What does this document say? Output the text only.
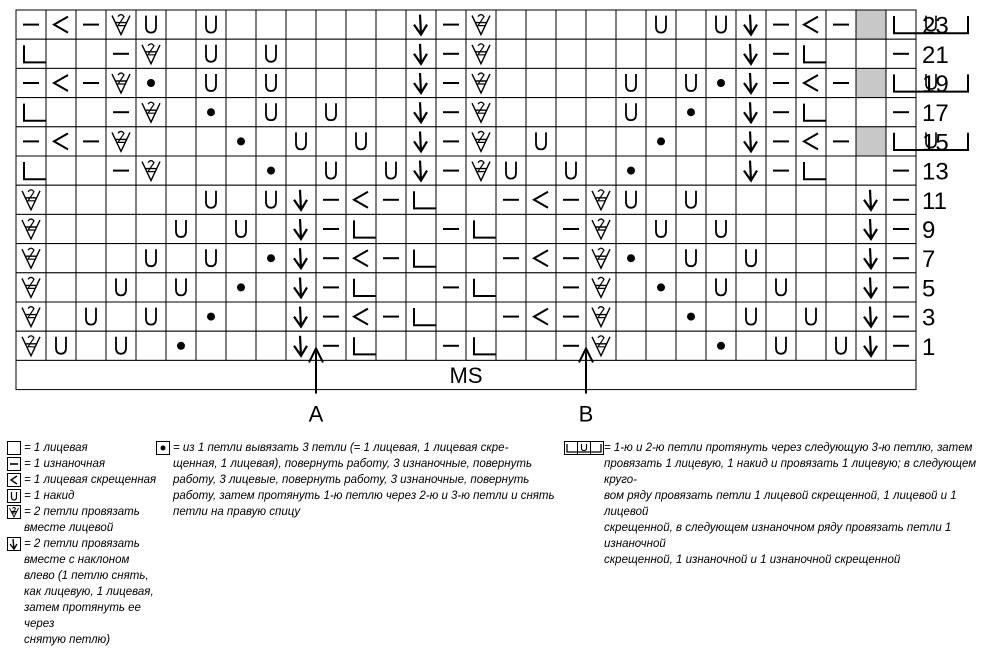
23
21
19
17
15
13
11
9
7
5
3
1
MS
A	B
= 1 лицевая
= 1 изнаночная
= 1 лицевая скрещенная
= 1 накид
= 2 петли провязать
вместе лицевой
= 2 петли провязать
вместе с наклоном
влево (1 петлю снять,
как лицевую, 1 лицевая,
затем протянуть ее через
снятую петлю)
= из 1 петли вывязать 3 петли (= 1 лицевая, 1 лицевая скре-
щенная, 1 лицевая), повернуть работу, 3 изнаночные, повернуть
работу, 3 лицевые, повернуть работу, 3 изнаночные, повернуть
работу, затем протянуть 1-ю петлю через 2-ю и 3-ю петли и снять
петли на правую спицу
= 1-ю и 2-ю петли протянуть через следующую 3-ю петлю, затем
провязать 1 лицевую, 1 накид и провязать 1 лицевую; в следующем круго-
вом ряду провязать петли 1 лицевой скрещенной, 1 лицевой и 1 лицевой
скрещенной, в следующем изнаночном ряду провязать петли 1 изнаночной
скрещенной, 1 изнаночной и 1 изнаночной скрещенной
